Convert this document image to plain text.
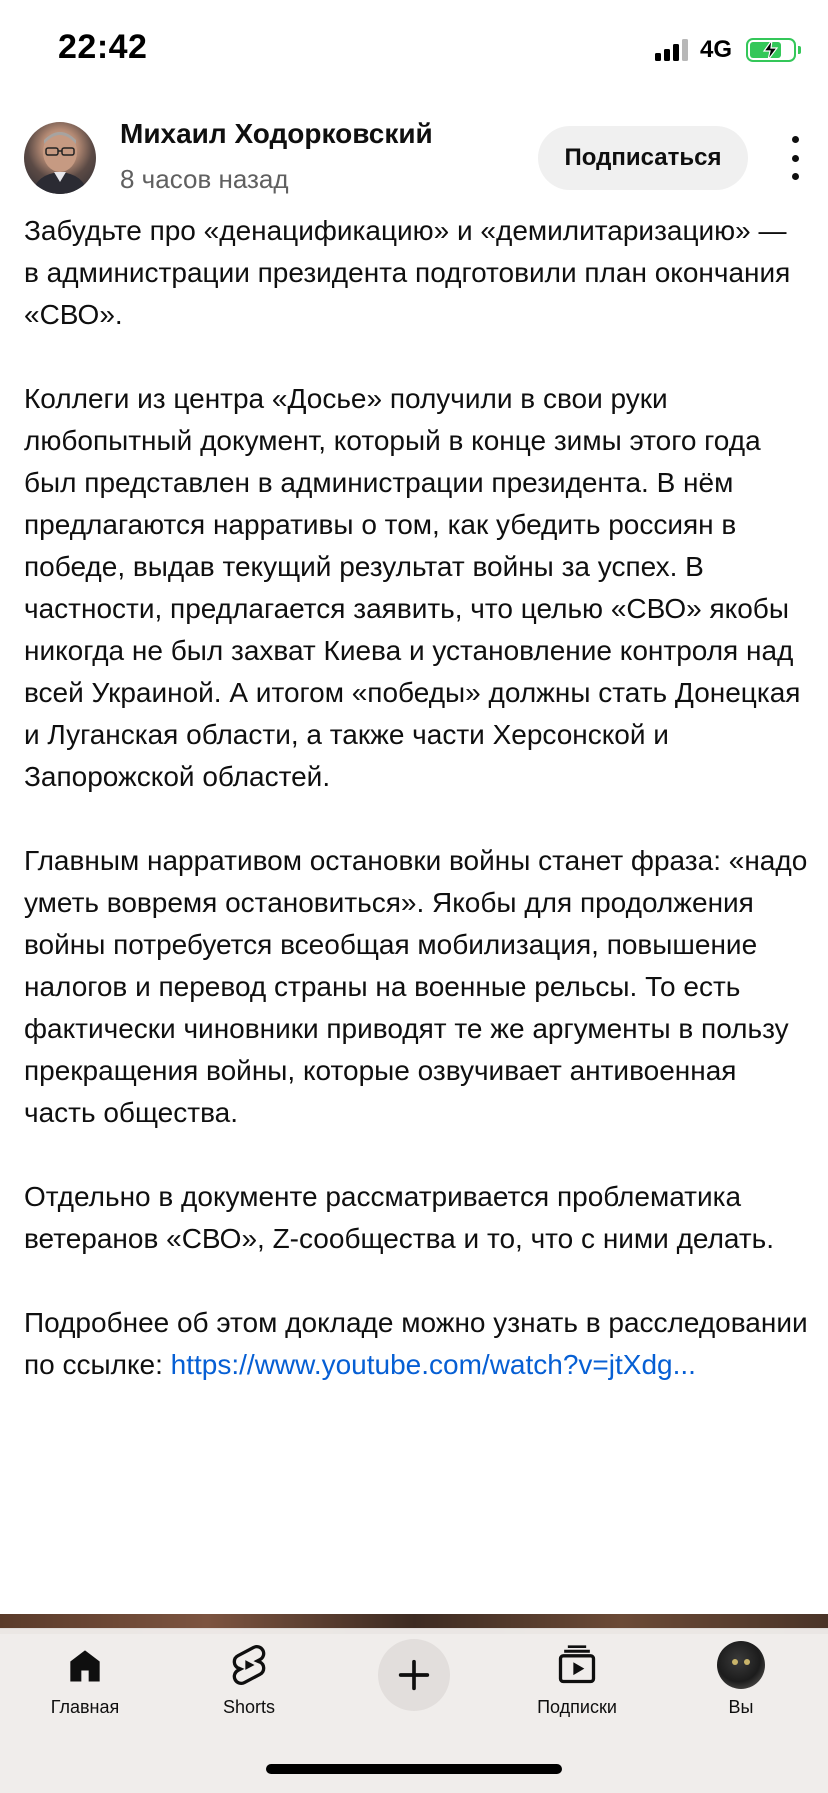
22:42	4G
Михаил Ходорковский
8 часов назад
Подписаться

Забудьте про «денацификацию» и «демилитаризацию» — в администрации президента подготовили план окончания «СВО».

Коллеги из центра «Досье» получили в свои руки любопытный документ, который в конце зимы этого года был представлен в администрации президента. В нём предлагаются нарративы о том, как убедить россиян в победе, выдав текущий результат войны за успех. В частности, предлагается заявить, что целью «СВО» якобы никогда не был захват Киева и установление контроля над всей Украиной. А итогом «победы» должны стать Донецкая и Луганская области, а также части Херсонской и Запорожской областей.

Главным нарративом остановки войны станет фраза: «надо уметь вовремя остановиться». Якобы для продолжения войны потребуется всеобщая мобилизация, повышение налогов и перевод страны на военные рельсы. То есть фактически чиновники приводят те же аргументы в пользу прекращения войны, которые озвучивает антивоенная часть общества.

Отдельно в документе рассматривается проблематика ветеранов «СВО», Z-сообщества и то, что с ними делать.

Подробнее об этом докладе можно узнать в расследовании по ссылке: https://www.youtube.com/watch?v=jtXdg...

Главная	Shorts	Подписки	Вы
